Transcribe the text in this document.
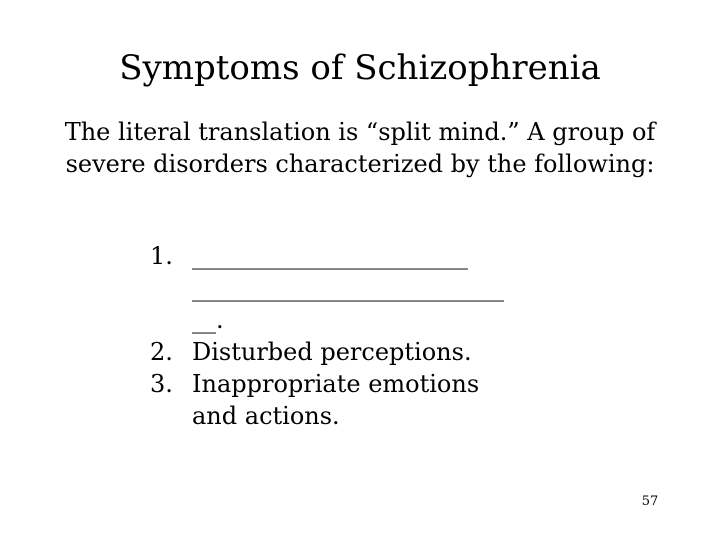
Symptoms of Schizophrenia

The literal translation is “split mind.” A group of severe disorders characterized by the following:

1. _______________________
__________________________
__.
2. Disturbed perceptions.
3. Inappropriate emotions
and actions.
57
